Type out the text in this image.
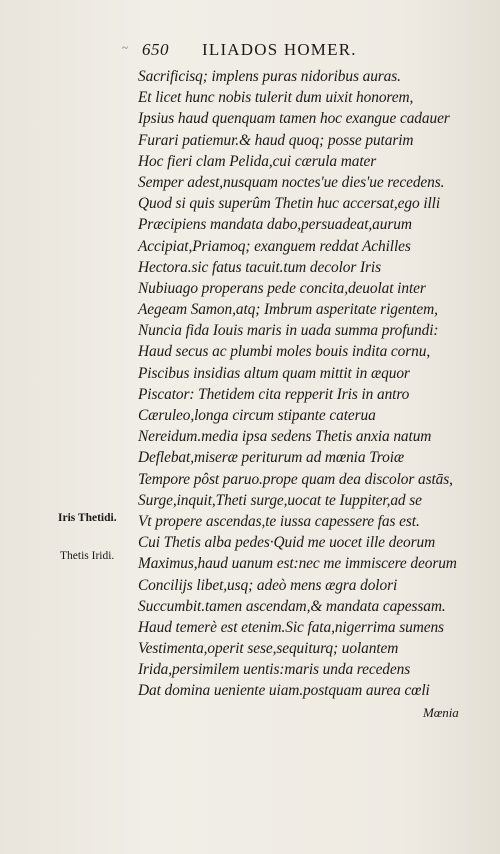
~ 650 ILIADOS HOMER.
Sacrificisq; implens puras nidoribus auras.
Et licet hunc nobis tulerit dum uixit honorem,
Ipsius haud quenquam tamen hoc exangue cadauer
Furari patiemur.& haud quoq; posse putarim
Hoc fieri clam Pelida,cui cærula mater
Semper adest,nusquam noctes'ue dies'ue recedens.
Quod si quis superûm Thetin huc accersat,ego illi
Præcipiens mandata dabo,persuadeat,aurum
Accipiat,Priamoq; exanguem reddat Achilles
Hectora.sic fatus tacuit.tum decolor Iris
Nubiuago properans pede concita,deuolat inter
Aegeam Samon,atq; Imbrum asperitate rigentem,
Nuncia fida Iouis maris in uada summa profundi:
Haud secus ac plumbi moles bouis indita cornu,
Piscibus insidias altum quam mittit in æquor
Piscator: Thetidem cita repperit Iris in antro
Cæruleo,longa circum stipante caterua
Nereidum.media ipsa sedens Thetis anxia natum
Deflebat,miseræ periturum ad mœnia Troiæ
Tempore pôst paruo.prope quam dea discolor astās,
Surge,inquit,Theti surge,uocat te Iuppiter,ad se
Vt propere ascendas,te iussa capessere fas est.
Cui Thetis alba pedes·Quid me uocet ille deorum
Maximus,haud uanum est:nec me immiscere deorum
Concilijs libet,usq; adeò mens ægra dolori
Succumbit.tamen ascendam,& mandata capessam.
Haud temerè est etenim.Sic fata,nigerrima sumens
Vestimenta,operit sese,sequiturq; uolantem
Irida,persimilem uentis:maris unda recedens
Dat domina ueniente uiam.postquam aurea cœli
Mœnia
Iris Thetidi.
Thetis Iridi.
